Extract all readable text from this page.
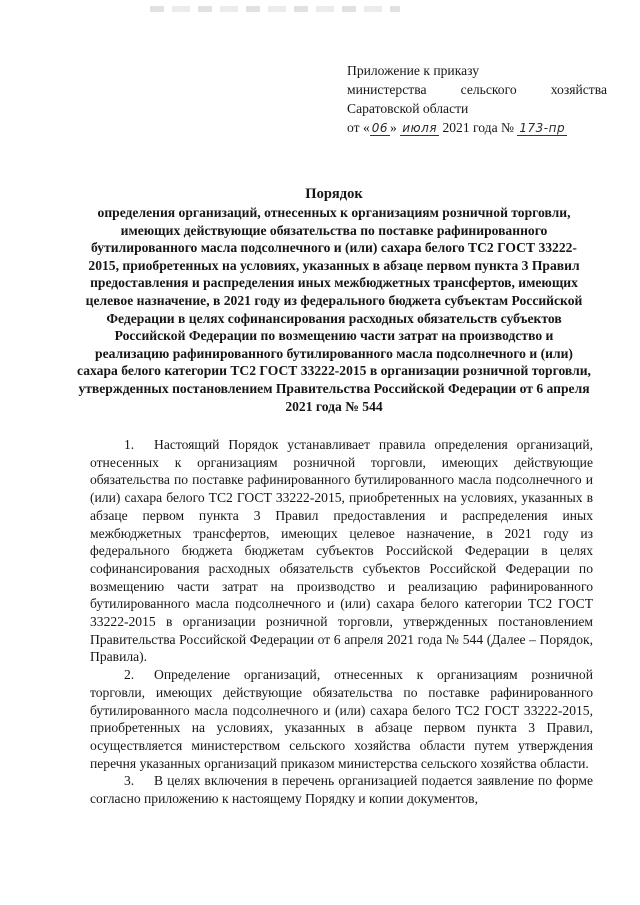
Приложение к приказу
министерства сельского хозяйства
Саратовской области
от « 06 » июля 2021 года № 173-пр
Порядок
определения организаций, отнесенных к организациям розничной торговли, имеющих действующие обязательства по поставке рафинированного бутилированного масла подсолнечного и (или) сахара белого ТС2 ГОСТ 33222-2015, приобретенных на условиях, указанных в абзаце первом пункта 3 Правил предоставления и распределения иных межбюджетных трансфертов, имеющих целевое назначение, в 2021 году из федерального бюджета субъектам Российской Федерации в целях софинансирования расходных обязательств субъектов Российской Федерации по возмещению части затрат на производство и реализацию рафинированного бутилированного масла подсолнечного и (или) сахара белого категории ТС2 ГОСТ 33222-2015 в организации розничной торговли, утвержденных постановлением Правительства Российской Федерации от 6 апреля 2021 года № 544

1. Настоящий Порядок устанавливает правила определения организаций, отнесенных к организациям розничной торговли, имеющих действующие обязательства по поставке рафинированного бутилированного масла подсолнечного и (или) сахара белого ТС2 ГОСТ 33222-2015, приобретенных на условиях, указанных в абзаце первом пункта 3 Правил предоставления и распределения иных межбюджетных трансфертов, имеющих целевое назначение, в 2021 году из федерального бюджета бюджетам субъектов Российской Федерации в целях софинансирования расходных обязательств субъектов Российской Федерации по возмещению части затрат на производство и реализацию рафинированного бутилированного масла подсолнечного и (или) сахара белого категории ТС2 ГОСТ 33222-2015 в организации розничной торговли, утвержденных постановлением Правительства Российской Федерации от 6 апреля 2021 года № 544 (Далее – Порядок, Правила).

2. Определение организаций, отнесенных к организациям розничной торговли, имеющих действующие обязательства по поставке рафинированного бутилированного масла подсолнечного и (или) сахара белого ТС2 ГОСТ 33222-2015, приобретенных на условиях, указанных в абзаце первом пункта 3 Правил, осуществляется министерством сельского хозяйства области путем утверждения перечня указанных организаций приказом министерства сельского хозяйства области.

3. В целях включения в перечень организацией подается заявление по форме согласно приложению к настоящему Порядку и копии документов,
